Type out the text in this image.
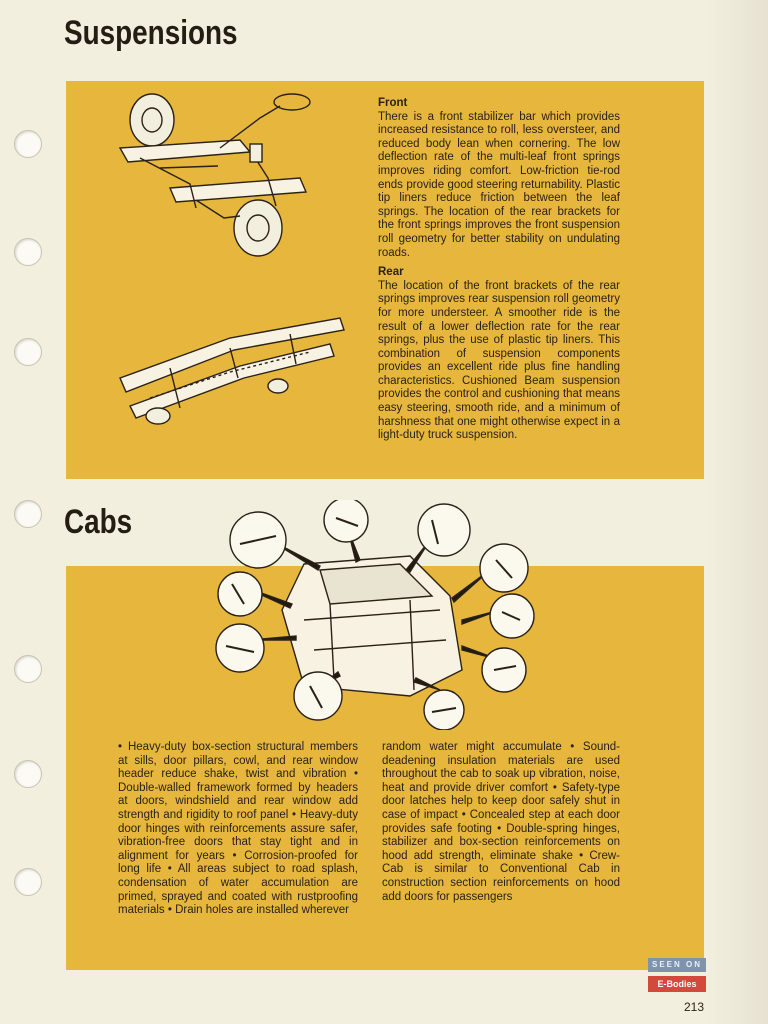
Suspensions
Front

There is a front stabilizer bar which provides increased resistance to roll, less oversteer, and reduced body lean when cornering. The low deflection rate of the multi-leaf front springs improves riding comfort. Low-friction tie-rod ends provide good steering returnability. Plastic tip liners reduce friction between the leaf springs. The location of the rear brackets for the front springs improves the front suspension roll geometry for better stability on undulating roads.

Rear

The location of the front brackets of the rear springs improves rear suspension roll geometry for more understeer. A smoother ride is the result of a lower deflection rate for the rear springs, plus the use of plastic tip liners. This combination of suspension components provides an excellent ride plus fine handling characteristics. Cushioned Beam suspension provides the control and cushioning that means easy steering, smooth ride, and a minimum of harshness that one might otherwise expect in a light-duty truck suspension.

Cabs

• Heavy-duty box-section structural members at sills, door pillars, cowl, and rear window header reduce shake, twist and vibration • Double-walled framework formed by headers at doors, windshield and rear window add strength and rigidity to roof panel • Heavy-duty door hinges with reinforcements assure safer, vibration-free doors that stay tight and in alignment for years • Corrosion-proofed for long life • All areas subject to road splash, condensation of water accumulation are primed, sprayed and coated with rustproofing materials • Drain holes are installed wherever

random water might accumulate • Sound-deadening insulation materials are used throughout the cab to soak up vibration, noise, heat and provide driver comfort • Safety-type door latches help to keep door safely shut in case of impact • Concealed step at each door provides safe footing • Double-spring hinges, stabilizer and box-section reinforcements on hood add strength, eliminate shake • Crew-Cab is similar to Conventional Cab in construction section reinforcements on hood add doors for passengers

SEEN ON
E-Bodies
213
